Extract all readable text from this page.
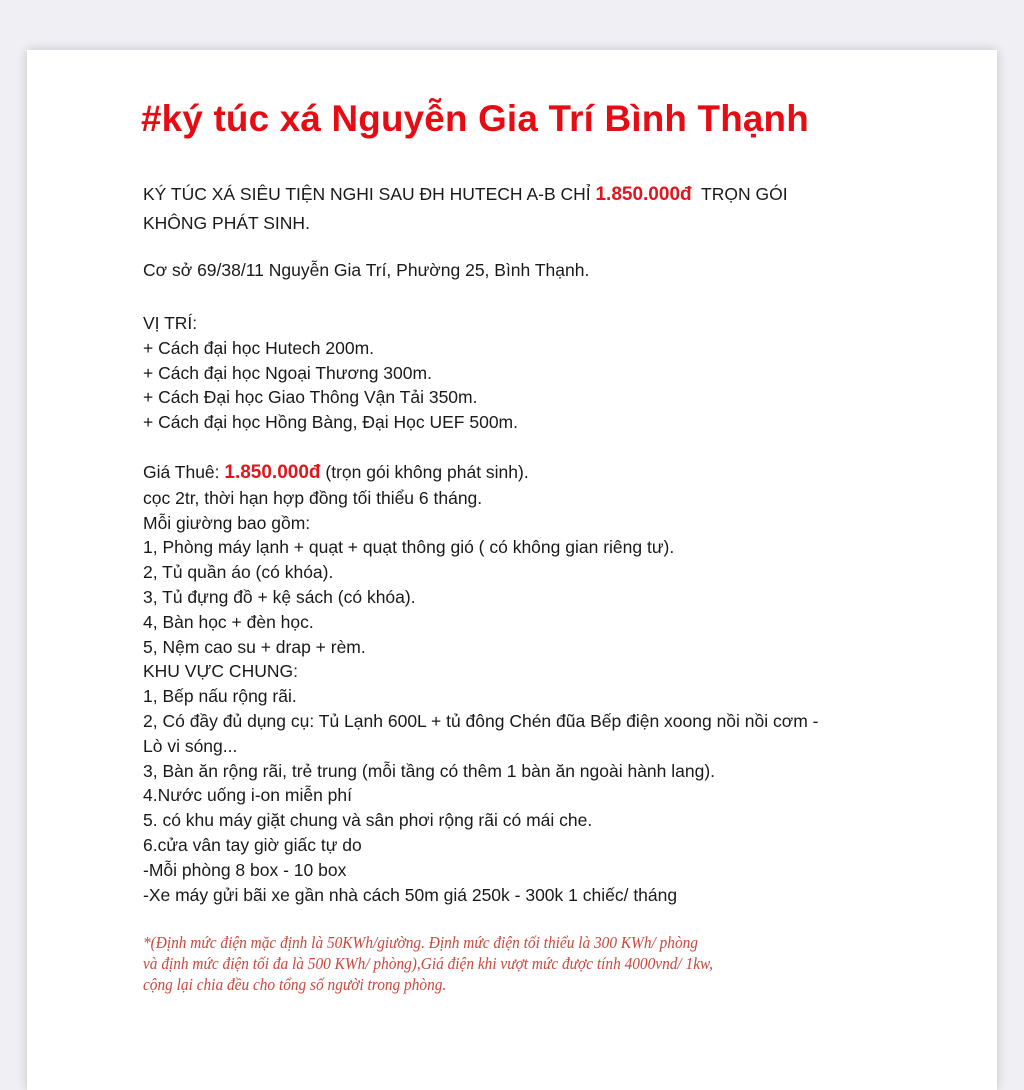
#ký túc xá Nguyễn Gia Trí Bình Thạnh
KÝ TÚC XÁ SIÊU TIỆN NGHI SAU ĐH HUTECH A-B CHỈ 1.850.000đ  TRỌN GÓI
KHÔNG PHÁT SINH.
Cơ sở 69/38/11 Nguyễn Gia Trí, Phường 25, Bình Thạnh.
VỊ TRÍ:
+ Cách đại học Hutech 200m.
+ Cách đại học Ngoại Thương 300m.
+ Cách Đại học Giao Thông Vận Tải 350m.
+ Cách đại học Hồng Bàng, Đại Học UEF 500m.
Giá Thuê: 1.850.000đ (trọn gói không phát sinh).
cọc 2tr, thời hạn hợp đồng tối thiểu 6 tháng.
Mỗi giường bao gồm:
1, Phòng máy lạnh + quạt + quạt thông gió ( có không gian riêng tư).
2, Tủ quần áo (có khóa).
3, Tủ đựng đồ + kệ sách (có khóa).
4, Bàn học + đèn học.
5, Nệm cao su + drap + rèm.
KHU VỰC CHUNG:
1, Bếp nấu rộng rãi.
2, Có đầy đủ dụng cụ: Tủ Lạnh 600L + tủ đông Chén đũa Bếp điện xoong nồi nồi cơm -
Lò vi sóng...
3, Bàn ăn rộng rãi, trẻ trung (mỗi tầng có thêm 1 bàn ăn ngoài hành lang).
4.Nước uống i-on miễn phí
5. có khu máy giặt chung và sân phơi rộng rãi có mái che.
6.cửa vân tay giờ giấc tự do
-Mỗi phòng 8 box - 10 box
-Xe máy gửi bãi xe gần nhà cách 50m giá 250k - 300k 1 chiếc/ tháng
*(Định mức điện mặc định là 50KWh/giường. Định mức điện tối thiểu là 300 KWh/ phòng
và định mức điện tối đa là 500 KWh/ phòng),Giá điện khi vượt mức được tính 4000vnd/ 1kw,
cộng lại chia đều cho tổng số người trong phòng.
